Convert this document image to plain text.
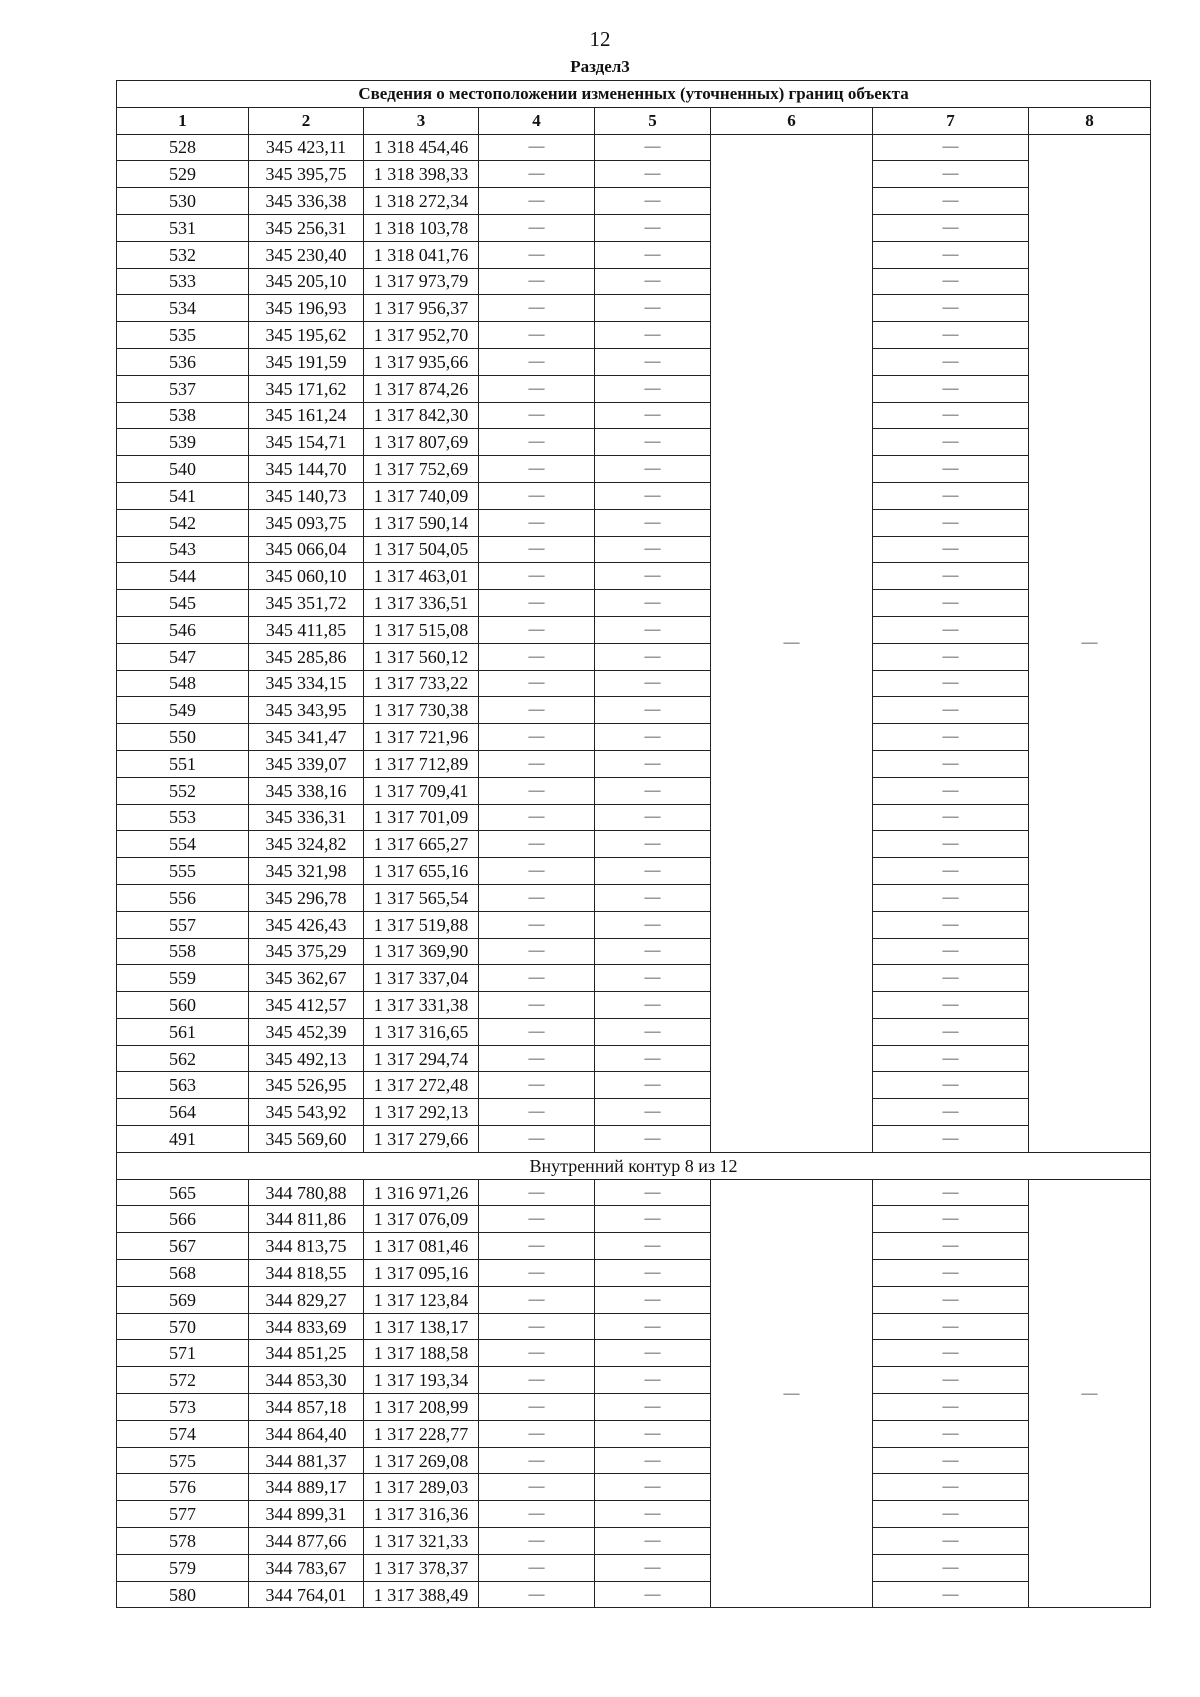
12
Раздел3
Сведения о местоположении измененных (уточненных) границ объекта							
1	2	3	4	5	6	7	8
528	345 423,11	1 318 454,46	—	—	—	—	—
529	345 395,75	1 318 398,33	—	—		—	
530	345 336,38	1 318 272,34	—	—		—	
531	345 256,31	1 318 103,78	—	—		—	
532	345 230,40	1 318 041,76	—	—		—	
533	345 205,10	1 317 973,79	—	—		—	
534	345 196,93	1 317 956,37	—	—		—	
535	345 195,62	1 317 952,70	—	—		—	
536	345 191,59	1 317 935,66	—	—		—	
537	345 171,62	1 317 874,26	—	—		—	
538	345 161,24	1 317 842,30	—	—		—	
539	345 154,71	1 317 807,69	—	—		—	
540	345 144,70	1 317 752,69	—	—		—	
541	345 140,73	1 317 740,09	—	—		—	
542	345 093,75	1 317 590,14	—	—		—	
543	345 066,04	1 317 504,05	—	—		—	
544	345 060,10	1 317 463,01	—	—		—	
545	345 351,72	1 317 336,51	—	—		—	
546	345 411,85	1 317 515,08	—	—		—	
547	345 285,86	1 317 560,12	—	—		—	
548	345 334,15	1 317 733,22	—	—		—	
549	345 343,95	1 317 730,38	—	—		—	
550	345 341,47	1 317 721,96	—	—		—	
551	345 339,07	1 317 712,89	—	—		—	
552	345 338,16	1 317 709,41	—	—		—	
553	345 336,31	1 317 701,09	—	—		—	
554	345 324,82	1 317 665,27	—	—		—	
555	345 321,98	1 317 655,16	—	—		—	
556	345 296,78	1 317 565,54	—	—		—	
557	345 426,43	1 317 519,88	—	—		—	
558	345 375,29	1 317 369,90	—	—		—	
559	345 362,67	1 317 337,04	—	—		—	
560	345 412,57	1 317 331,38	—	—		—	
561	345 452,39	1 317 316,65	—	—		—	
562	345 492,13	1 317 294,74	—	—		—	
563	345 526,95	1 317 272,48	—	—		—	
564	345 543,92	1 317 292,13	—	—		—	
491	345 569,60	1 317 279,66	—	—		—	
Внутренний контур 8 из 12							
565	344 780,88	1 316 971,26	—	—	—	—	—
566	344 811,86	1 317 076,09	—	—		—	
567	344 813,75	1 317 081,46	—	—		—	
568	344 818,55	1 317 095,16	—	—		—	
569	344 829,27	1 317 123,84	—	—		—	
570	344 833,69	1 317 138,17	—	—		—	
571	344 851,25	1 317 188,58	—	—		—	
572	344 853,30	1 317 193,34	—	—		—	
573	344 857,18	1 317 208,99	—	—		—	
574	344 864,40	1 317 228,77	—	—		—	
575	344 881,37	1 317 269,08	—	—		—	
576	344 889,17	1 317 289,03	—	—		—	
577	344 899,31	1 317 316,36	—	—		—	
578	344 877,66	1 317 321,33	—	—		—	
579	344 783,67	1 317 378,37	—	—		—	
580	344 764,01	1 317 388,49	—	—		—	
